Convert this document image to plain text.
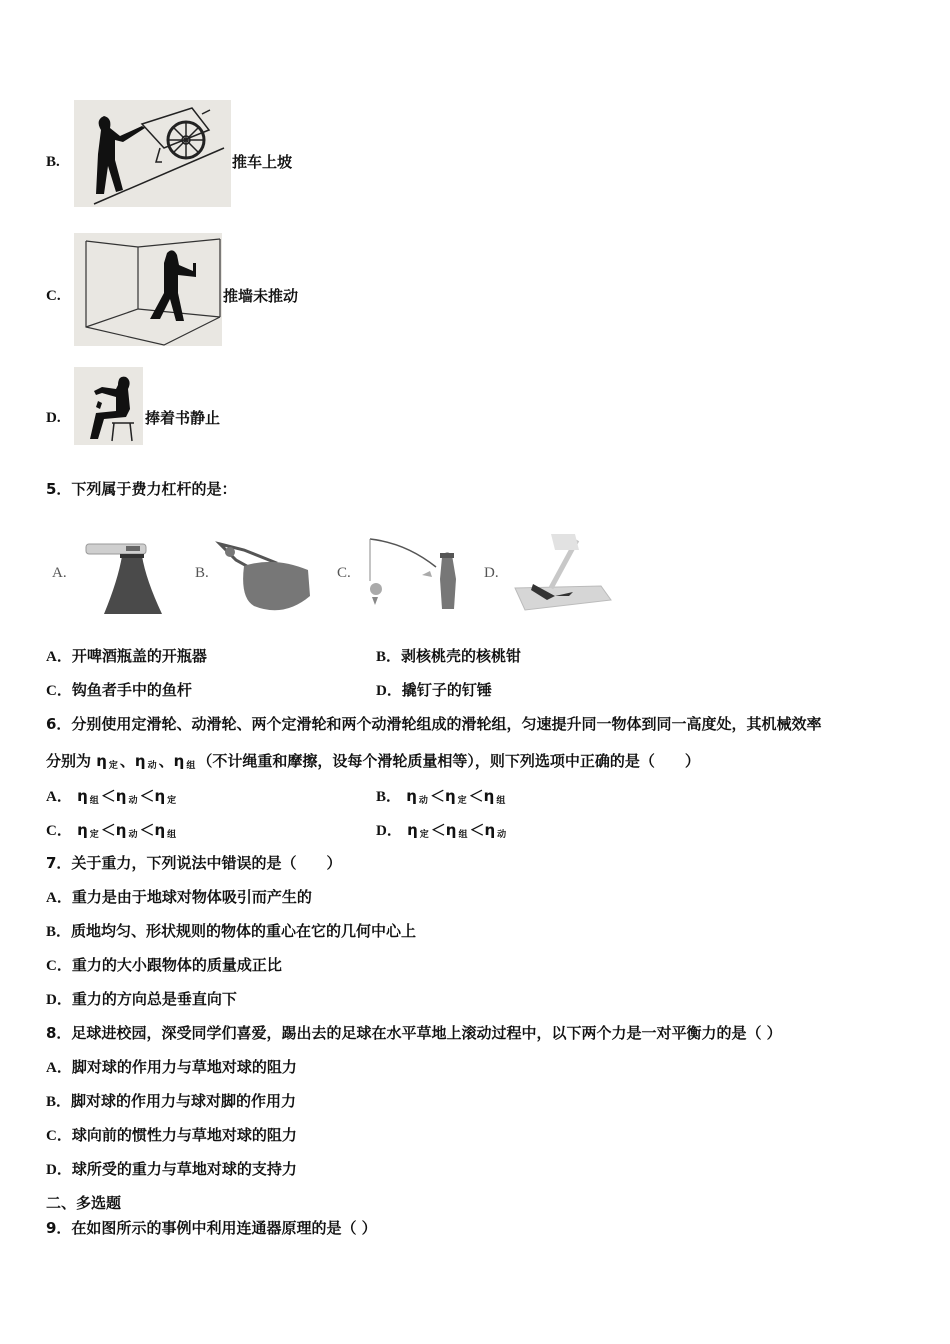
B.	推车上坡
C.	推墙未推动
D.	捧着书静止
5．下列属于费力杠杆的是：
A.	B.	C.	D.
A．开啤酒瓶盖的开瓶器	B．剥核桃壳的核桃钳
C．钩鱼者手中的鱼杆	D．撬钉子的钉锤
6．分别使用定滑轮、动滑轮、两个定滑轮和两个动滑轮组成的滑轮组，匀速提升同一物体到同一高度处，其机械效率
分别为 η $_定$ 、η $_动$ 、η $_组$ （不计绳重和摩擦，设每个滑轮质量相等），则下列选项中正确的是（　　）
A． η $_组$ ＜η $_动$ ＜η $_定$	B． η $_动$ ＜η $_定$ ＜η $_组$
C． η $_定$ ＜η $_动$ ＜η $_组$	D． η $_定$ ＜η $_组$ ＜η $_动$
7．关于重力，下列说法中错误的是（　　）
A．重力是由于地球对物体吸引而产生的
B．质地均匀、形状规则的物体的重心在它的几何中心上
C．重力的大小跟物体的质量成正比
D．重力的方向总是垂直向下
8．足球进校园，深受同学们喜爱，踢出去的足球在水平草地上滚动过程中，以下两个力是一对平衡力的是（ ）
A．脚对球的作用力与草地对球的阻力
B．脚对球的作用力与球对脚的作用力
C．球向前的惯性力与草地对球的阻力
D．球所受的重力与草地对球的支持力
二、多选题
9．在如图所示的事例中利用连通器原理的是（ ）
